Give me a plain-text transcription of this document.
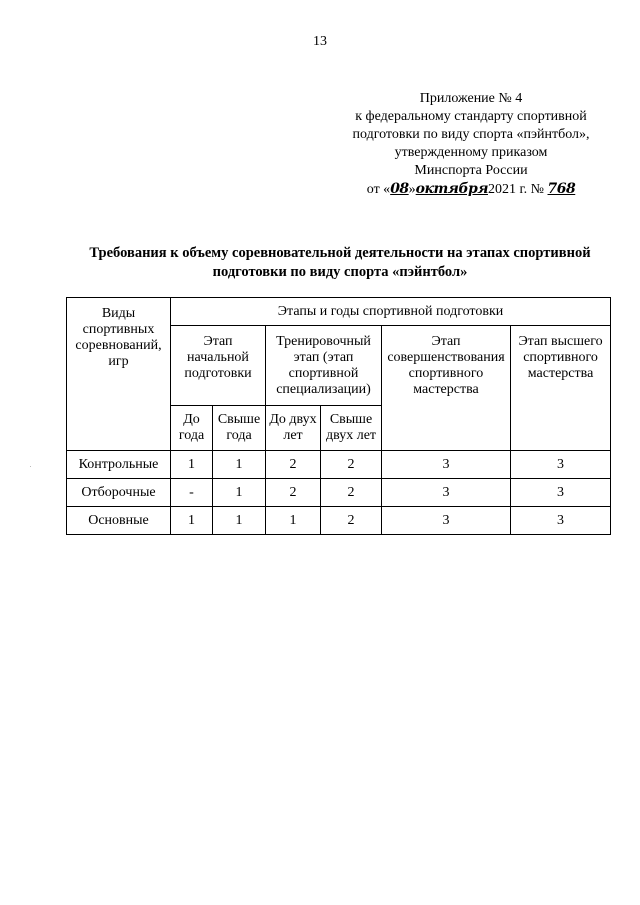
13
Приложение № 4
к федеральному стандарту спортивной
подготовки по виду спорта «пэйнтбол»,
утвержденному приказом
Минспорта России
от «08»октября2021 г. № 768
Требования к объему соревновательной деятельности на этапах спортивной
подготовки по виду спорта «пэйнтбол»
Виды спортивных соревнований, игр	Этапы и годы спортивной подготовки					
	Этап начальной подготовки		Тренировочный этап (этап спортивной специализации)		Этап совершенствования спортивного мастерства	Этап высшего спортивного мастерства
	До года	Свыше года	До двух лет	Свыше двух лет		
Контрольные	1	1	2	2	3	3
Отборочные	-	1	2	2	3	3
Основные	1	1	1	2	3	3
